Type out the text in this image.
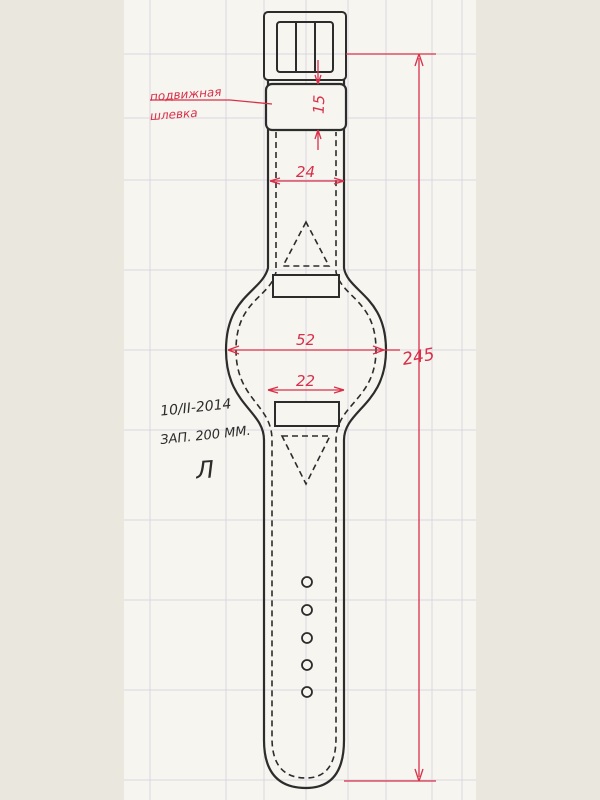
15
24
52
22
245
подвижная
шлевка
10/II-2014
ЗАП. 200 ММ.
Л
